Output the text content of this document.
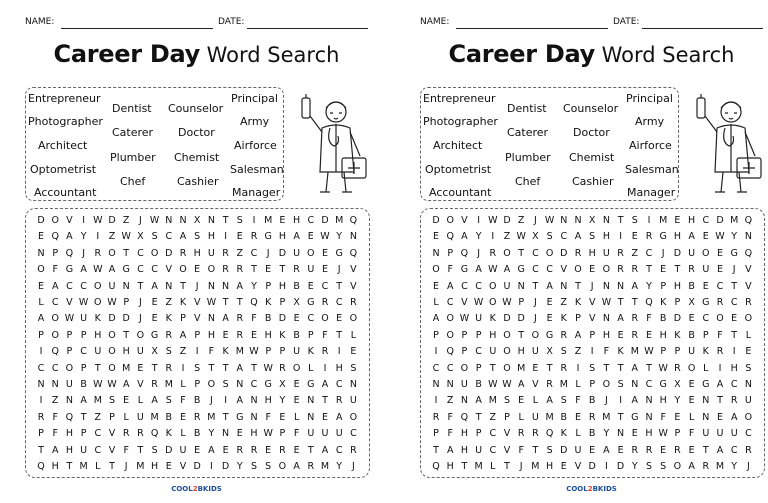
NAME:	DATE:
Career Day Word Search
Entrepreneur
Dentist Counselor
Principal
Photographer
Caterer Doctor
Army
Architect
Plumber Chemist
Airforce
Optometrist
Chef	Cashier
Salesman
Accountant	Manager
D O V	I W D Z	J W N N X N T S	I M E H C D M Q
E Q A Y	I	Z W X S C A S H I	E R G H A E W Y N
N P Q J R O T C O D R H U R Z C J D U O E G Q
O F G A W A G C C V O E O R R T E T R U E	J	V
E A C C O U N T A N T	J N N A Y P H B E C T V
L C V W O W P	J	E Z K V W T T Q K P X G R C R
A O W U K D D J	E K P V N A R F B D E C O E O
P O P P H O T O G R A P H E R E H K B P F T L
I Q P C U O H U X S Z	I	F K M W P P U K R I	E
C C O P T O M E T R	I	S T T A T W R O L	I H S
N N U B W W A V R M L P O S N C G X E G A C N
I	Z N A M S E L A S F B	J	I	A N H Y E N T R U
R F Q T Z P L U M B E R M T G N F E L N E A O
P F H P C V R R Q K L B Y N E H W P F U U U C
T A H U C V F T S D U E A E R R E R E T A C R
Q H T M L T	J M H E V D I D Y S S O A R M Y	J
COOL2BKIDS
NAME:	DATE:
Career Day Word Search
Entrepreneur
Dentist Counselor
Principal
Photographer
Caterer Doctor
Army
Architect
Plumber Chemist
Airforce
Optometrist
Chef	Cashier
Salesman
Accountant	Manager
D O V	I W D Z	J W N N X N T S	I M E H C D M Q
E Q A Y	I	Z W X S C A S H I	E R G H A E W Y N
N P Q J R O T C O D R H U R Z C J D U O E G Q
O F G A W A G C C V O E O R R T E T R U E	J	V
E A C C O U N T A N T	J N N A Y P H B E C T V
L C V W O W P	J	E Z K V W T T Q K P X G R C R
A O W U K D D J	E K P V N A R F B D E C O E O
P O P P H O T O G R A P H E R E H K B P F T L
I Q P C U O H U X S Z	I	F K M W P P U K R I	E
C C O P T O M E T R	I	S T T A T W R O L	I H S
N N U B W W A V R M L P O S N C G X E G A C N
I	Z N A M S E L A S F B	J	I	A N H Y E N T R U
R F Q T Z P L U M B E R M T G N F E L N E A O
P F H P C V R R Q K L B Y N E H W P F U U U C
T A H U C V F T S D U E A E R R E R E T A C R
Q H T M L T	J M H E V D I D Y S S O A R M Y	J
COOL2BKIDS
